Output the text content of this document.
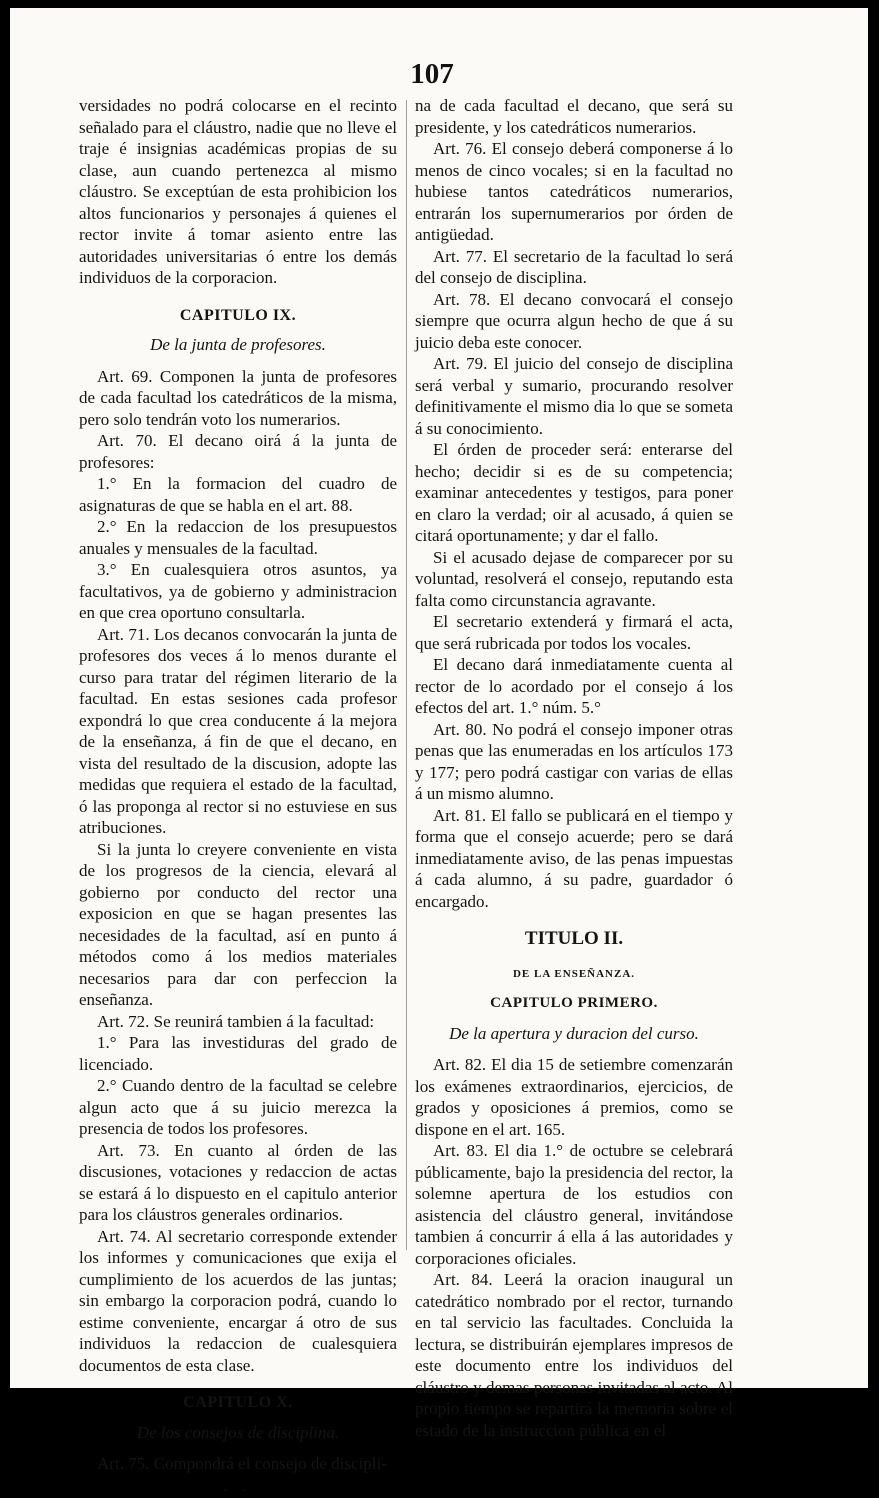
107

versidades no podrá colocarse en el recinto señalado para el cláustro, nadie que no lleve el traje é insignias académicas propias de su clase, aun cuando pertenezca al mismo cláustro. Se exceptúan de esta prohibicion los altos funcionarios y personajes á quienes el rector invite á tomar asiento entre las autoridades universitarias ó entre los demás individuos de la corporacion.

CAPITULO IX.
De la junta de profesores.

Art. 69. Componen la junta de profesores de cada facultad los catedráticos de la misma, pero solo tendrán voto los numerarios.

Art. 70. El decano oirá á la junta de profesores:

1.° En la formacion del cuadro de asignaturas de que se habla en el art. 88.

2.° En la redaccion de los presupuestos anuales y mensuales de la facultad.

3.° En cualesquiera otros asuntos, ya facultativos, ya de gobierno y administracion en que crea oportuno consultarla.

Art. 71. Los decanos convocarán la junta de profesores dos veces á lo menos durante el curso para tratar del régimen literario de la facultad. En estas sesiones cada profesor expondrá lo que crea conducente á la mejora de la enseñanza, á fin de que el decano, en vista del resultado de la discusion, adopte las medidas que requiera el estado de la facultad, ó las proponga al rector si no estuviese en sus atribuciones.

Si la junta lo creyere conveniente en vista de los progresos de la ciencia, elevará al gobierno por conducto del rector una exposicion en que se hagan presentes las necesidades de la facultad, así en punto á métodos como á los medios materiales necesarios para dar con perfeccion la enseñanza.

Art. 72. Se reunirá tambien á la facultad:

1.° Para las investiduras del grado de licenciado.

2.° Cuando dentro de la facultad se celebre algun acto que á su juicio merezca la presencia de todos los profesores.

Art. 73. En cuanto al órden de las discusiones, votaciones y redaccion de actas se estará á lo dispuesto en el capitulo anterior para los cláustros generales ordinarios.

Art. 74. Al secretario corresponde extender los informes y comunicaciones que exija el cumplimiento de los acuerdos de las juntas; sin embargo la corporacion podrá, cuando lo estime conveniente, encargar á otro de sus individuos la redaccion de cualesquiera documentos de esta clase.

CAPITULO X.
De los consejos de disciplina.

Art. 75. Compondrá el consejo de discipli-

. .

na de cada facultad el decano, que será su presidente, y los catedráticos numerarios.

Art. 76. El consejo deberá componerse á lo menos de cinco vocales; si en la facultad no hubiese tantos catedráticos numerarios, entrarán los supernumerarios por órden de antigüedad.

Art. 77. El secretario de la facultad lo será del consejo de disciplina.

Art. 78. El decano convocará el consejo siempre que ocurra algun hecho de que á su juicio deba este conocer.

Art. 79. El juicio del consejo de disciplina será verbal y sumario, procurando resolver definitivamente el mismo dia lo que se someta á su conocimiento.

El órden de proceder será: enterarse del hecho; decidir si es de su competencia; examinar antecedentes y testigos, para poner en claro la verdad; oir al acusado, á quien se citará oportunamente; y dar el fallo.

Si el acusado dejase de comparecer por su voluntad, resolverá el consejo, reputando esta falta como circunstancia agravante.

El secretario extenderá y firmará el acta, que será rubricada por todos los vocales.

El decano dará inmediatamente cuenta al rector de lo acordado por el consejo á los efectos del art. 1.° núm. 5.°

Art. 80. No podrá el consejo imponer otras penas que las enumeradas en los artículos 173 y 177; pero podrá castigar con varias de ellas á un mismo alumno.

Art. 81. El fallo se publicará en el tiempo y forma que el consejo acuerde; pero se dará inmediatamente aviso, de las penas impuestas á cada alumno, á su padre, guardador ó encargado.

TITULO II.
DE LA ENSEÑANZA.
CAPITULO PRIMERO.
De la apertura y duracion del curso.

Art. 82. El dia 15 de setiembre comenzarán los exámenes extraordinarios, ejercicios, de grados y oposiciones á premios, como se dispone en el art. 165.

Art. 83. El dia 1.° de octubre se celebrará públicamente, bajo la presidencia del rector, la solemne apertura de los estudios con asistencia del cláustro general, invitándose tambien á concurrir á ella á las autoridades y corporaciones oficiales.

Art. 84. Leerá la oracion inaugural un catedrático nombrado por el rector, turnando en tal servicio las facultades. Concluida la lectura, se distribuirán ejemplares impresos de este documento entre los individuos del cláustro y demas personas invitadas al acto. Al propio tiempo se repartirá la memoria sobre el estado de la instruccion pública en el
